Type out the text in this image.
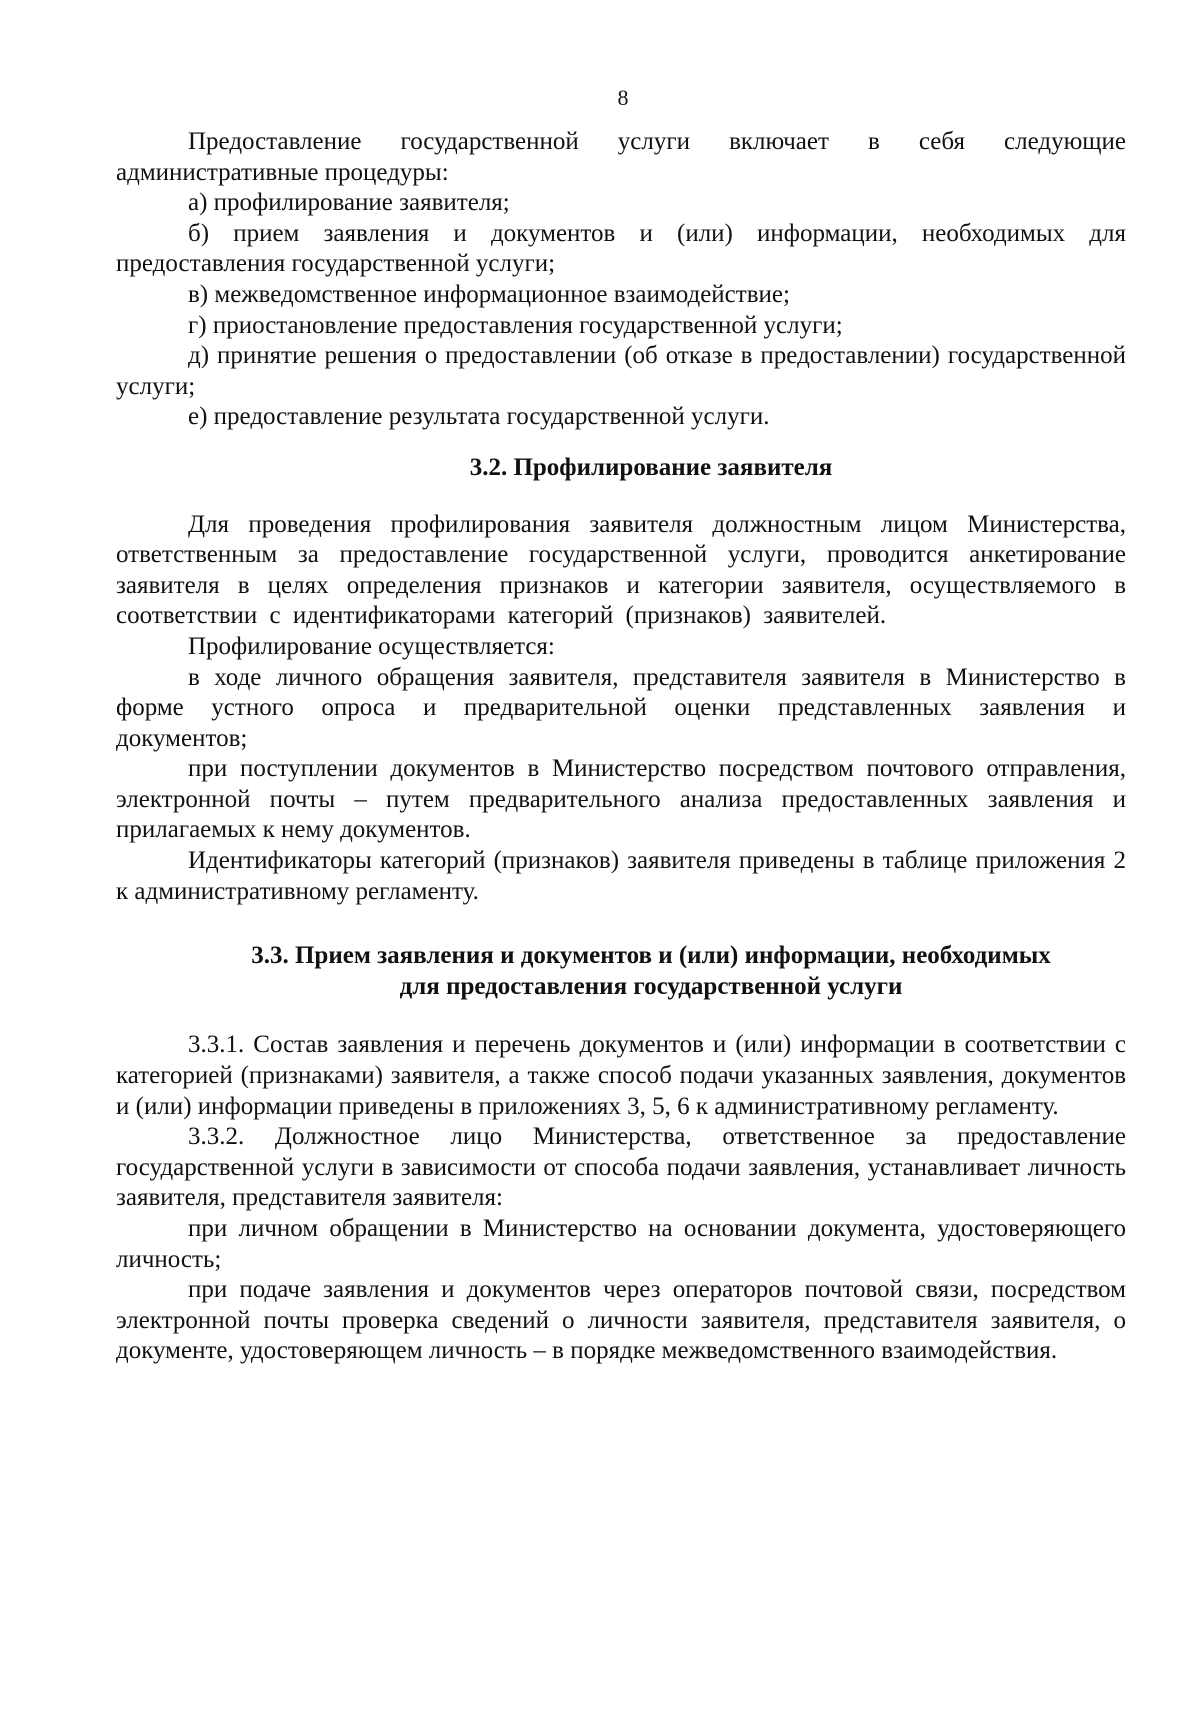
8

Предоставление государственной услуги включает в себя следующие административные процедуры:

а) профилирование заявителя;

б) прием заявления и документов и (или) информации, необходимых для предоставления государственной услуги;

в) межведомственное информационное взаимодействие;

г) приостановление предоставления государственной услуги;

д) принятие решения о предоставлении (об отказе в предоставлении) государственной услуги;

е) предоставление результата государственной услуги.

3.2. Профилирование заявителя

Для проведения профилирования заявителя должностным лицом Министерства, ответственным за предоставление государственной услуги, проводится анкетирование заявителя в целях определения признаков и категории заявителя, осуществляемого в соответствии с идентификаторами категорий (признаков) заявителей.

Профилирование осуществляется:

в ходе личного обращения заявителя, представителя заявителя в Министерство в форме устного опроса и предварительной оценки представленных заявления и документов;

при поступлении документов в Министерство посредством почтового отправления, электронной почты – путем предварительного анализа предоставленных заявления и прилагаемых к нему документов.

Идентификаторы категорий (признаков) заявителя приведены в таблице приложения 2 к административному регламенту.

3.3. Прием заявления и документов и (или) информации, необходимых
для предоставления государственной услуги

3.3.1. Состав заявления и перечень документов и (или) информации в соответствии с категорией (признаками) заявителя, а также способ подачи указанных заявления, документов и (или) информации приведены в приложениях 3, 5, 6 к административному регламенту.

3.3.2. Должностное лицо Министерства, ответственное за предоставление государственной услуги в зависимости от способа подачи заявления, устанавливает личность заявителя, представителя заявителя:

при личном обращении в Министерство на основании документа, удостоверяющего личность;

при подаче заявления и документов через операторов почтовой связи, посредством электронной почты проверка сведений о личности заявителя, представителя заявителя, о документе, удостоверяющем личность – в порядке межведомственного взаимодействия.
